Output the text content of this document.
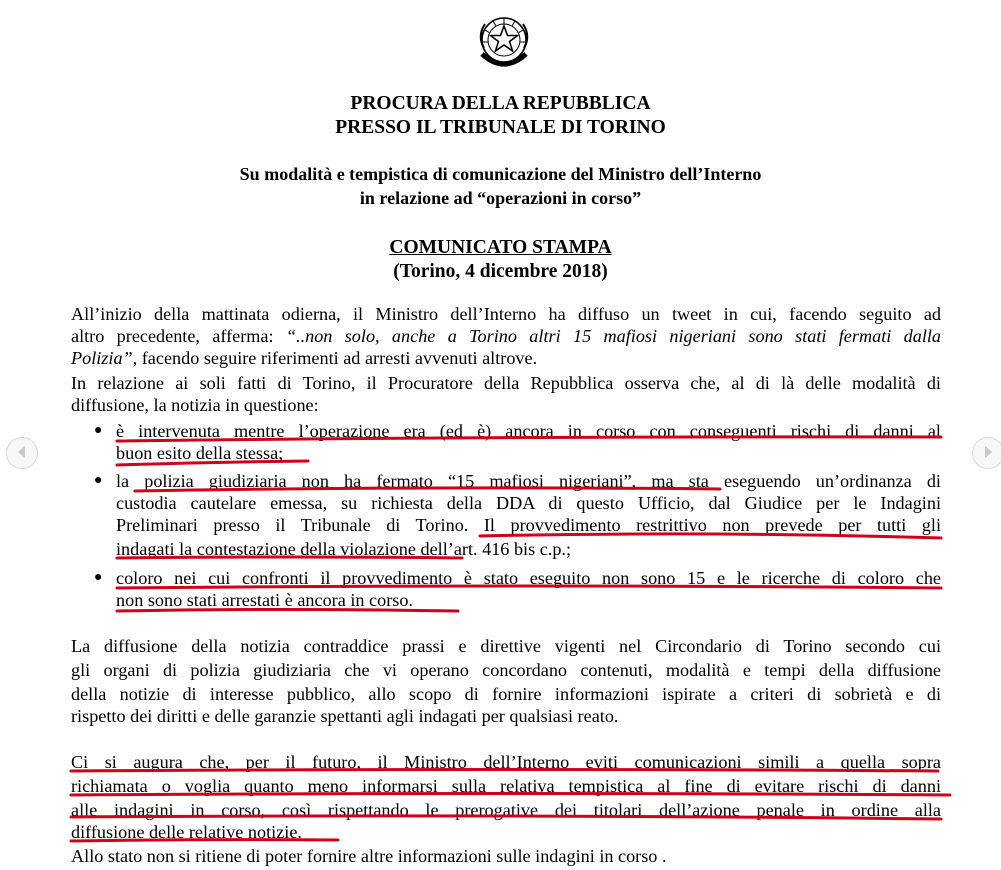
PROCURA DELLA REPUBBLICA
PRESSO IL TRIBUNALE DI TORINO
Su modalità e tempistica di comunicazione del Ministro dell’Interno
in relazione ad “operazioni in corso”
COMUNICATO STAMPA
(Torino, 4 dicembre 2018)
All’inizio della mattinata odierna, il Ministro dell’Interno ha diffuso un tweet in cui, facendo seguito ad
altro precedente, afferma: “..non solo, anche a Torino altri 15 mafiosi nigeriani sono stati fermati dalla
Polizia”, facendo seguire riferimenti ad arresti avvenuti altrove.
In relazione ai soli fatti di Torino, il Procuratore della Repubblica osserva che, al di là delle modalità di
diffusione, la notizia in questione:
● è intervenuta mentre l’operazione era (ed è) ancora in corso con conseguenti rischi di danni al
buon esito della stessa;
● la polizia giudiziaria non ha fermato “15 mafiosi nigeriani”, ma sta eseguendo un’ordinanza di
custodia cautelare emessa, su richiesta della DDA di questo Ufficio, dal Giudice per le Indagini
Preliminari presso il Tribunale di Torino. Il provvedimento restrittivo non prevede per tutti gli
indagati la contestazione della violazione dell’art. 416 bis c.p.;
● coloro nei cui confronti il provvedimento è stato eseguito non sono 15 e le ricerche di coloro che
non sono stati arrestati è ancora in corso.
La diffusione della notizia contraddice prassi e direttive vigenti nel Circondario di Torino secondo cui
gli organi di polizia giudiziaria che vi operano concordano contenuti, modalità e tempi della diffusione
della notizie di interesse pubblico, allo scopo di fornire informazioni ispirate a criteri di sobrietà e di
rispetto dei diritti e delle garanzie spettanti agli indagati per qualsiasi reato.
Ci si augura che, per il futuro, il Ministro dell’Interno eviti comunicazioni simili a quella sopra
richiamata o voglia quanto meno informarsi sulla relativa tempistica al fine di evitare rischi di danni
alle indagini in corso, così rispettando le prerogative dei titolari dell’azione penale in ordine alla
diffusione delle relative notizie.
Allo stato non si ritiene di poter fornire altre informazioni sulle indagini in corso .
